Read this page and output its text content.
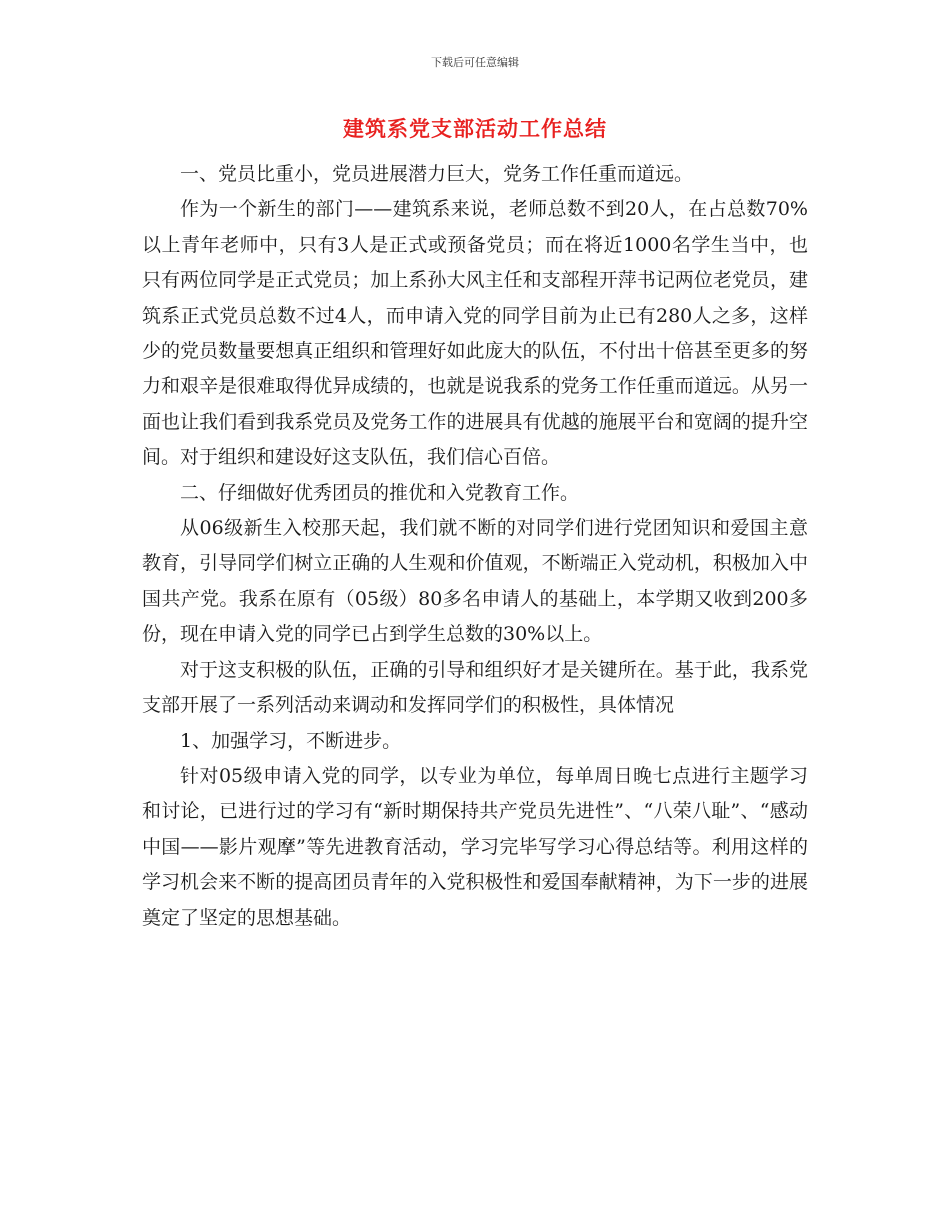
下载后可任意编辑
建筑系党支部活动工作总结

一、党员比重小，党员进展潜力巨大，党务工作任重而道远。

作为一个新生的部门——建筑系来说，老师总数不到20人，在占总数70%以上青年老师中，只有3人是正式或预备党员；而在将近1000名学生当中，也只有两位同学是正式党员；加上系孙大风主任和支部程开萍书记两位老党员，建筑系正式党员总数不过4人，而申请入党的同学目前为止已有280人之多，这样少的党员数量要想真正组织和管理好如此庞大的队伍，不付出十倍甚至更多的努力和艰辛是很难取得优异成绩的，也就是说我系的党务工作任重而道远。从另一面也让我们看到我系党员及党务工作的进展具有优越的施展平台和宽阔的提升空间。对于组织和建设好这支队伍，我们信心百倍。

二、仔细做好优秀团员的推优和入党教育工作。

从06级新生入校那天起，我们就不断的对同学们进行党团知识和爱国主意教育，引导同学们树立正确的人生观和价值观，不断端正入党动机，积极加入中国共产党。我系在原有（05级）80多名申请人的基础上，本学期又收到200多份，现在申请入党的同学已占到学生总数的30%以上。

对于这支积极的队伍，正确的引导和组织好才是关键所在。基于此，我系党支部开展了一系列活动来调动和发挥同学们的积极性，具体情况

1、加强学习，不断进步。

针对05级申请入党的同学，以专业为单位，每单周日晚七点进行主题学习和讨论，已进行过的学习有“新时期保持共产党员先进性”、“八荣八耻”、“感动中国——影片观摩”等先进教育活动，学习完毕写学习心得总结等。利用这样的学习机会来不断的提高团员青年的入党积极性和爱国奉献精神，为下一步的进展奠定了坚定的思想基础。
